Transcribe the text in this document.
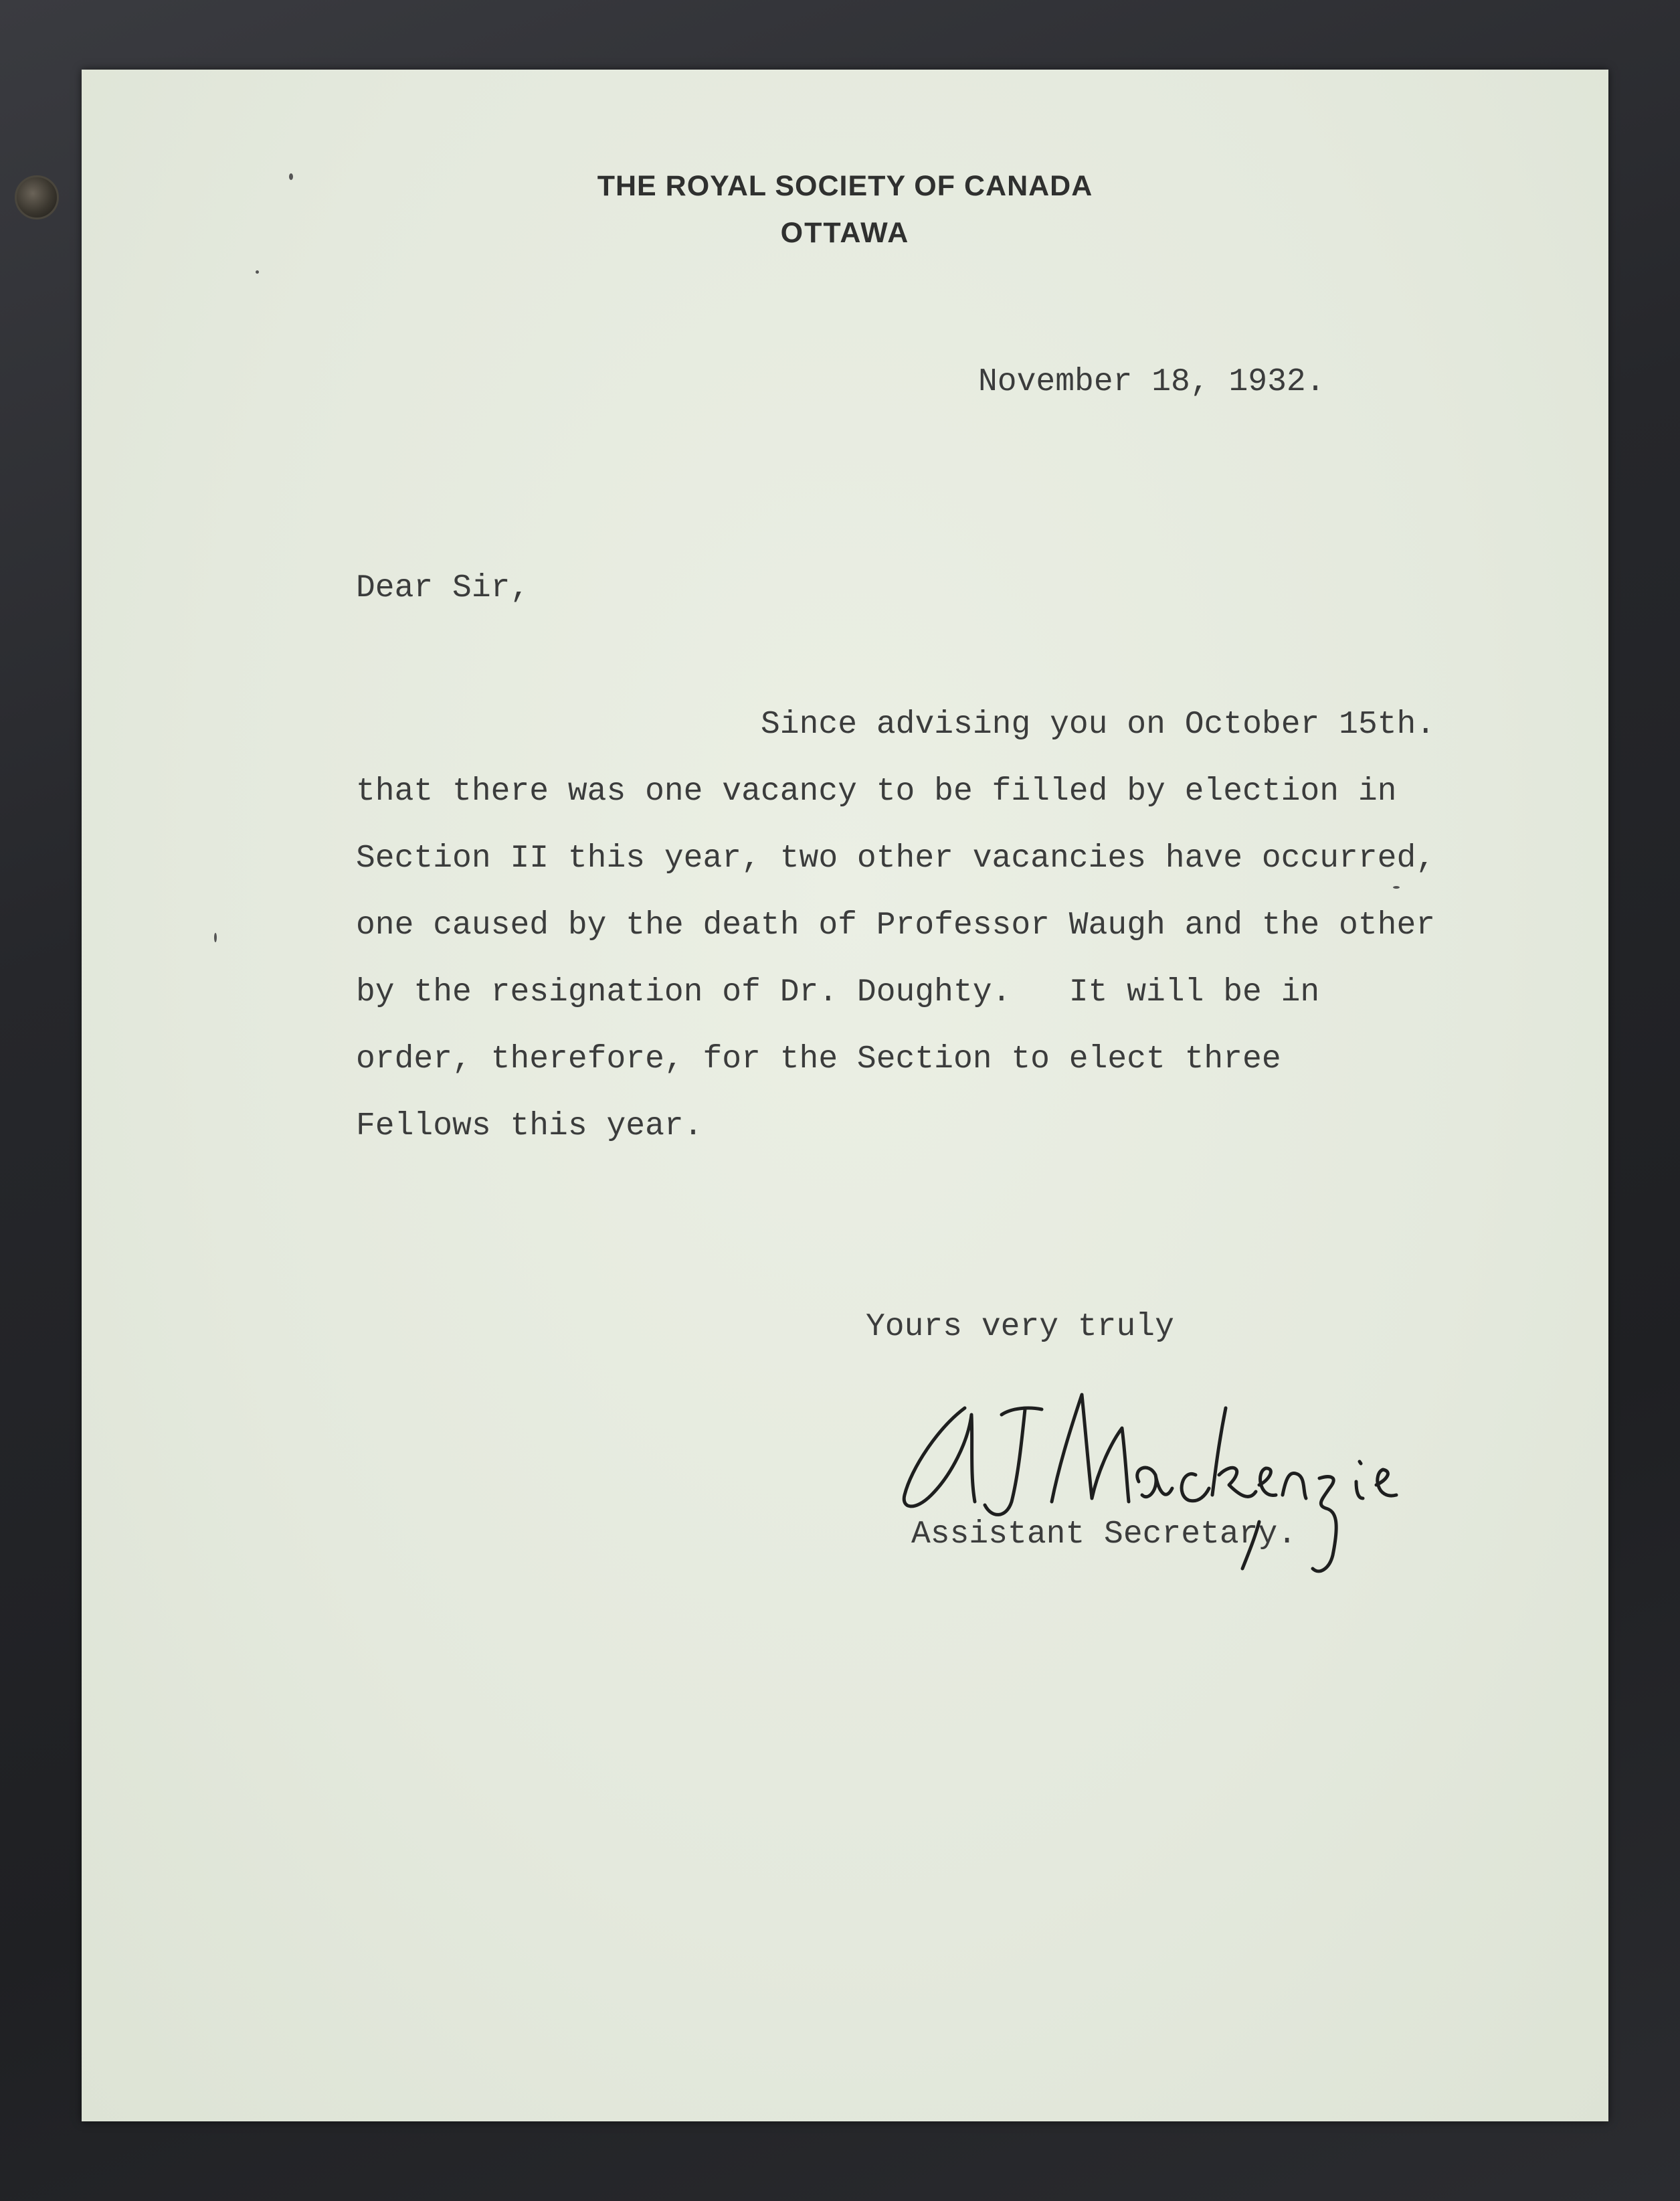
THE ROYAL SOCIETY OF CANADA
OTTAWA
November 18, 1932.
Dear Sir,
Since advising you on October 15th.
that there was one vacancy to be filled by election in
Section II this year, two other vacancies have occurred,
one caused by the death of Professor Waugh and the other
by the resignation of Dr. Doughty.   It will be in
order, therefore, for the Section to elect three
Fellows this year.
Yours very truly
Assistant Secretary.
